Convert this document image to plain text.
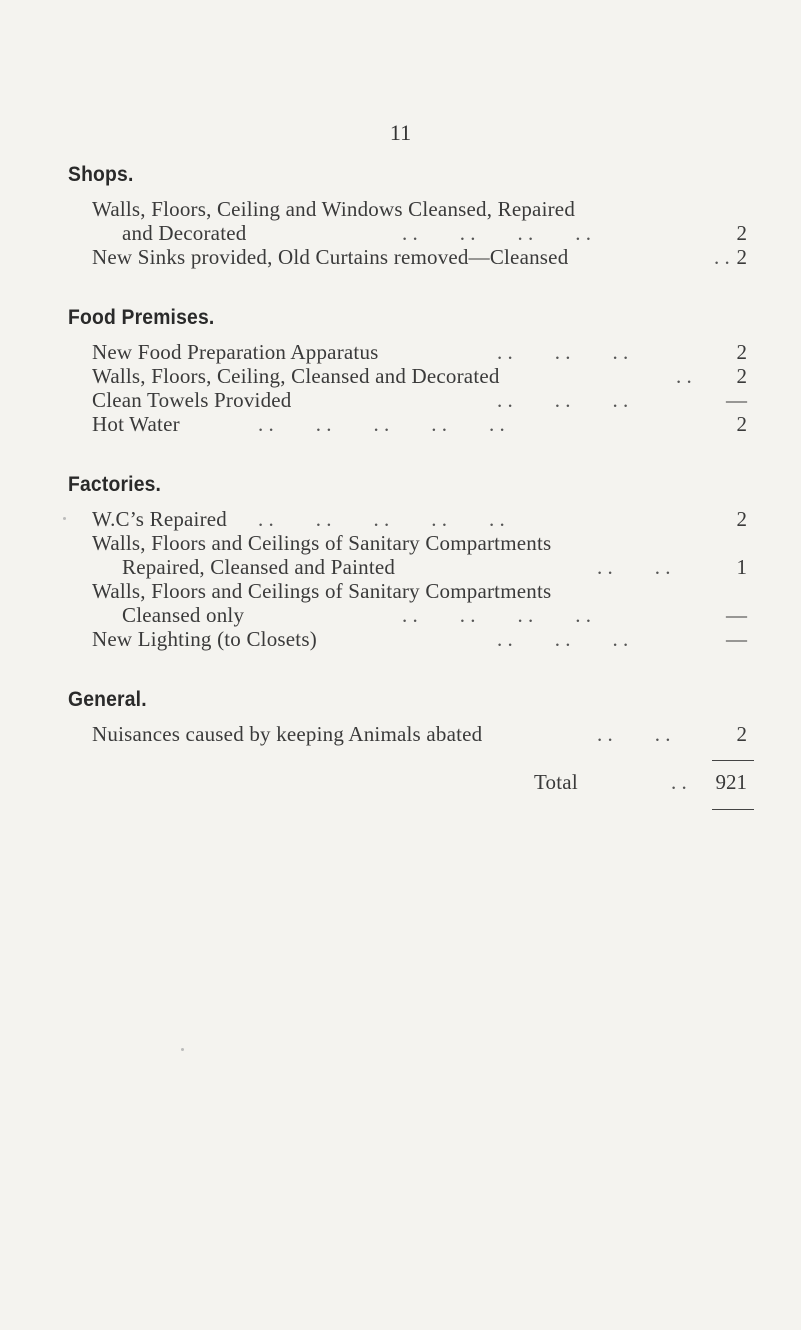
11
Shops.
Walls, Floors, Ceiling and Windows Cleansed, Repaired
and Decorated	. .        . .        . .        . .	2
New Sinks provided, Old Curtains removed—Cleansed	. . 2
Food Premises.
New Food Preparation Apparatus	. .        . .        . .	2
Walls, Floors, Ceiling, Cleansed and Decorated	. . 2
Clean Towels Provided	. .        . .        . .	—
Hot Water	. .        . .        . .        . .        . .	2
Factories.
W.C’s Repaired . .        . .        . .        . .        . .	2
Walls, Floors and Ceilings of Sanitary Compartments
Repaired, Cleansed and Painted	. .        . .	1
Walls, Floors and Ceilings of Sanitary Compartments
Cleansed only	. .        . .        . .        . .	—
New Lighting (to Closets)	. .        . .        . .	—
General.
Nuisances caused by keeping Animals abated	. .        . .	2
Total	. . 921
